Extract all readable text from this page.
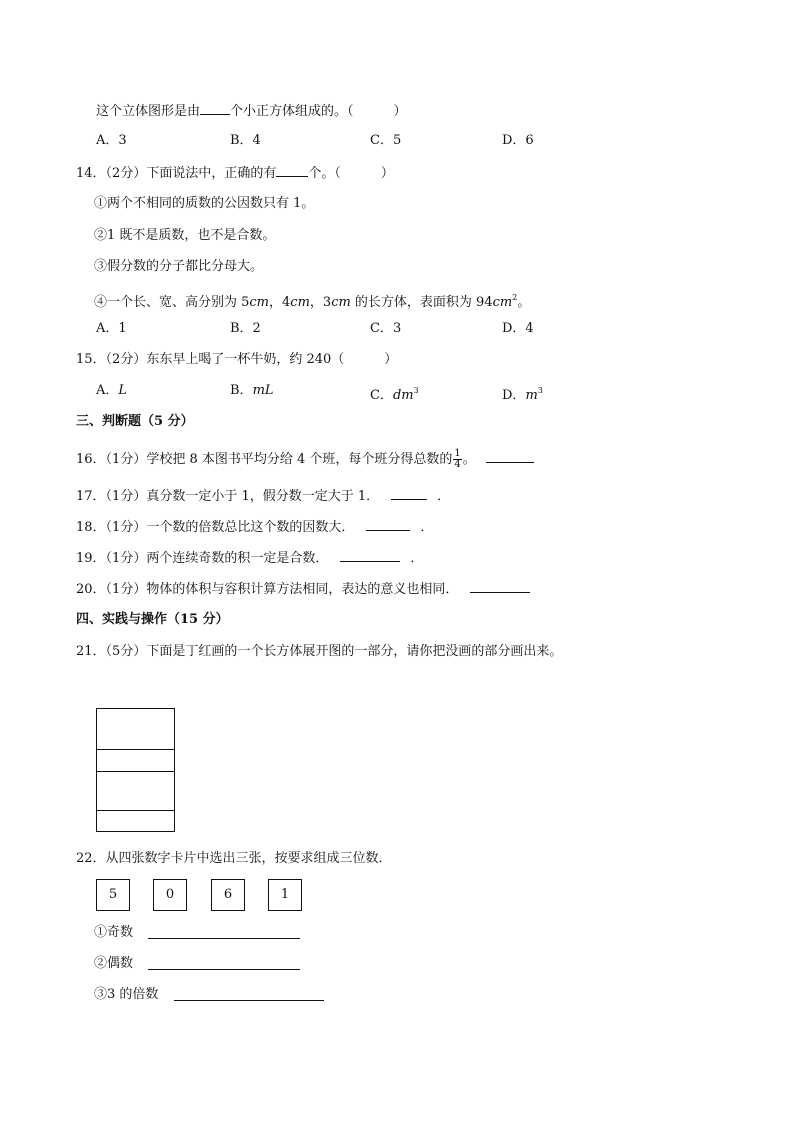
这个立体图形是由 个小正方体组成的。（	）
A．3	B．4	C．5	D．6
14．（2分）下面说法中，正确的有 个。（	）
①两个不相同的质数的公因数只有 1。
②1 既不是质数，也不是合数。
③假分数的分子都比分母大。
④一个长、宽、高分别为 5cm，4cm，3cm 的长方体，表面积为 $94cm^2$。
A．1	B．2	C．3	D．4
15．（2分）东东早上喝了一杯牛奶，约 240（	）
A．L	B．mL	C．$dm^3$	D．$m^3$
三、判断题（5 分）
16．（1分）学校把 8 本图书平均分给 4 个班，每个班分得总数的 $\frac{1}{4}$ 。
17．（1分）真分数一定小于 1，假分数一定大于 1．	．
18．（1分）一个数的倍数总比这个数的因数大．	．
19．（1分）两个连续奇数的积一定是合数．	．
20．（1分）物体的体积与容积计算方法相同，表达的意义也相同．
四、实践与操作（15 分）
21．（5分）下面是丁红画的一个长方体展开图的一部分，请你把没画的部分画出来。
22．从四张数字卡片中选出三张，按要求组成三位数．
5	0	6	1
①奇数
②偶数
③3 的倍数
